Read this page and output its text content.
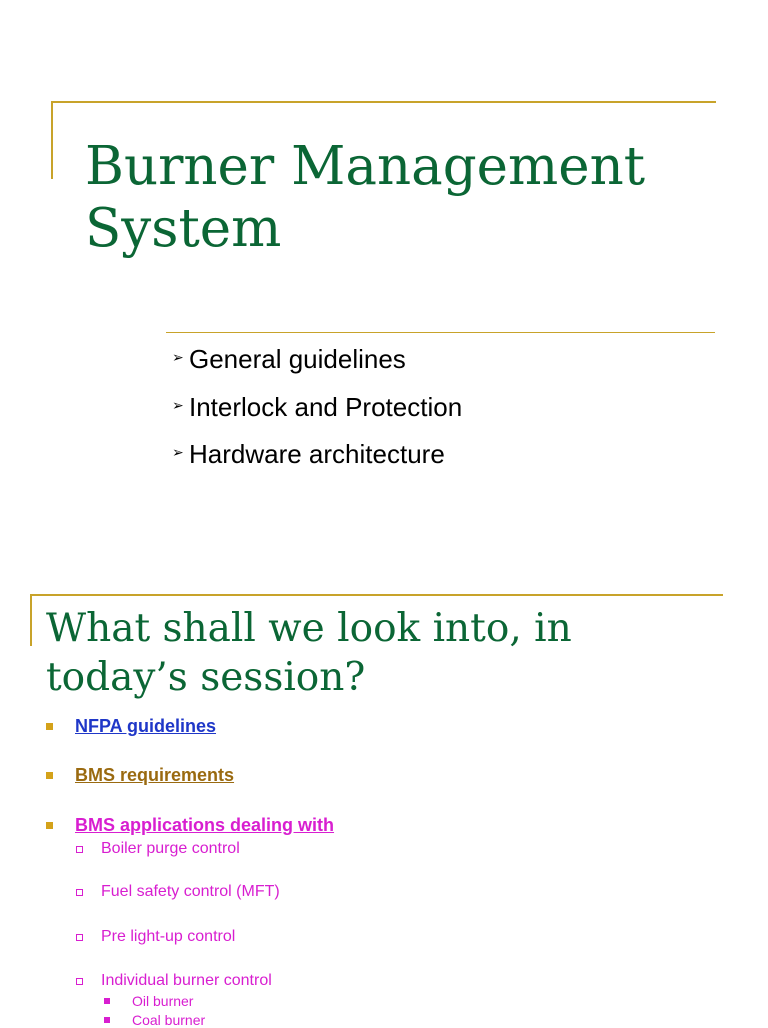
Burner Management
System
➢ General guidelines
➢ Interlock and Protection
➢ Hardware architecture
What shall we look into, in
today’s session?
NFPA guidelines
BMS requirements
BMS applications dealing with
Boiler purge control
Fuel safety control (MFT)
Pre light-up control
Individual burner control
Oil burner
Coal burner
